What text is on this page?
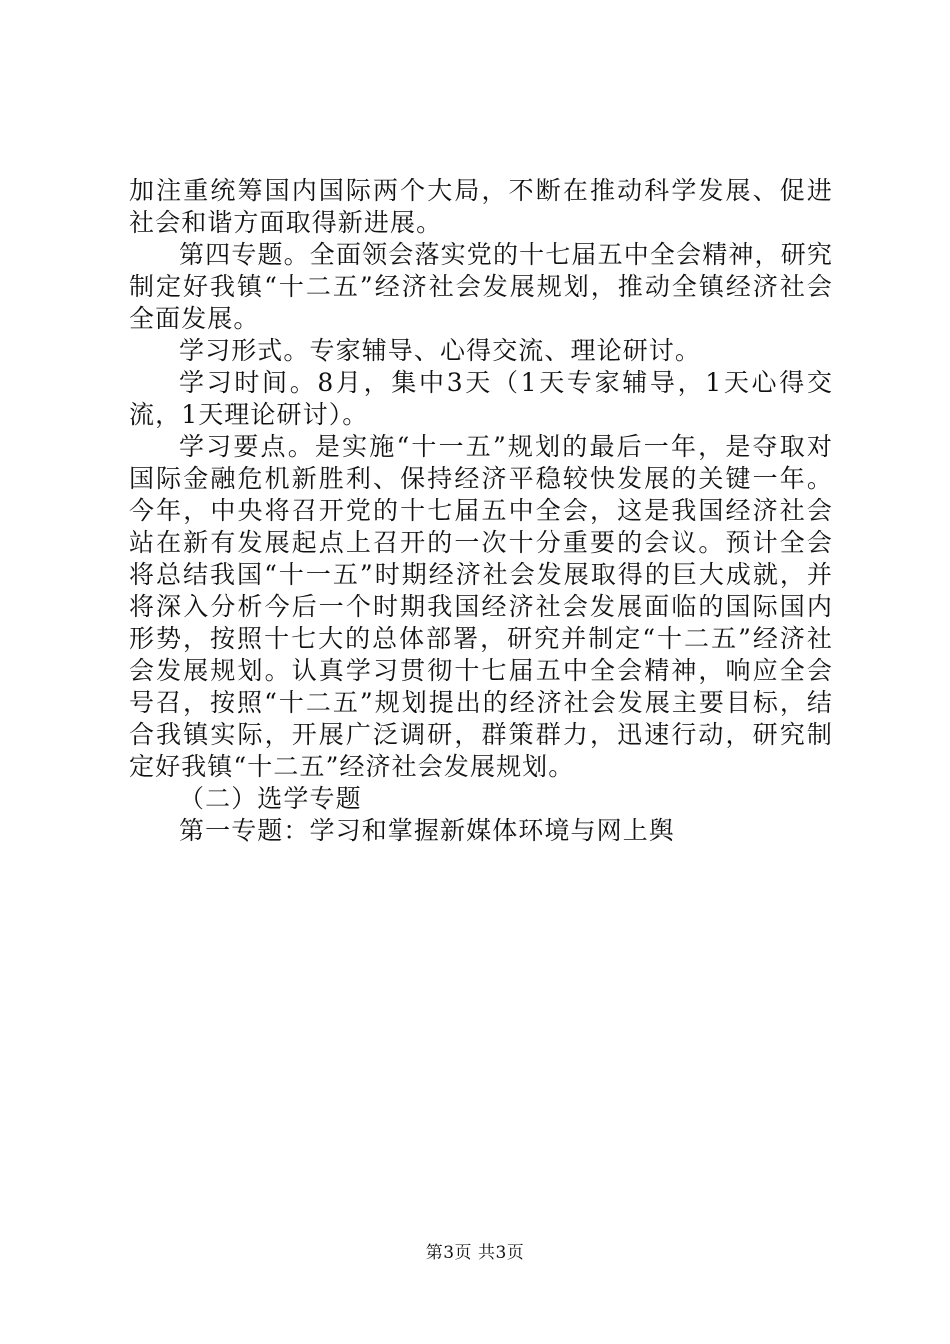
加注重统筹国内国际两个大局，不断在推动科学发展、促进社会和谐方面取得新进展。

第四专题。全面领会落实党的十七届五中全会精神，研究制定好我镇“十二五”经济社会发展规划，推动全镇经济社会全面发展。

学习形式。专家辅导、心得交流、理论研讨。

学习时间。8月，集中3天（1天专家辅导，1天心得交流，1天理论研讨）。

学习要点。是实施“十一五”规划的最后一年，是夺取对国际金融危机新胜利、保持经济平稳较快发展的关键一年。今年，中央将召开党的十七届五中全会，这是我国经济社会站在新有发展起点上召开的一次十分重要的会议。预计全会将总结我国“十一五”时期经济社会发展取得的巨大成就，并将深入分析今后一个时期我国经济社会发展面临的国际国内形势，按照十七大的总体部署，研究并制定“十二五”经济社会发展规划。认真学习贯彻十七届五中全会精神，响应全会号召，按照“十二五”规划提出的经济社会发展主要目标，结合我镇实际，开展广泛调研，群策群力，迅速行动，研究制定好我镇“十二五”经济社会发展规划。

（二）选学专题

第一专题：学习和掌握新媒体环境与网上舆

第3页 共3页
